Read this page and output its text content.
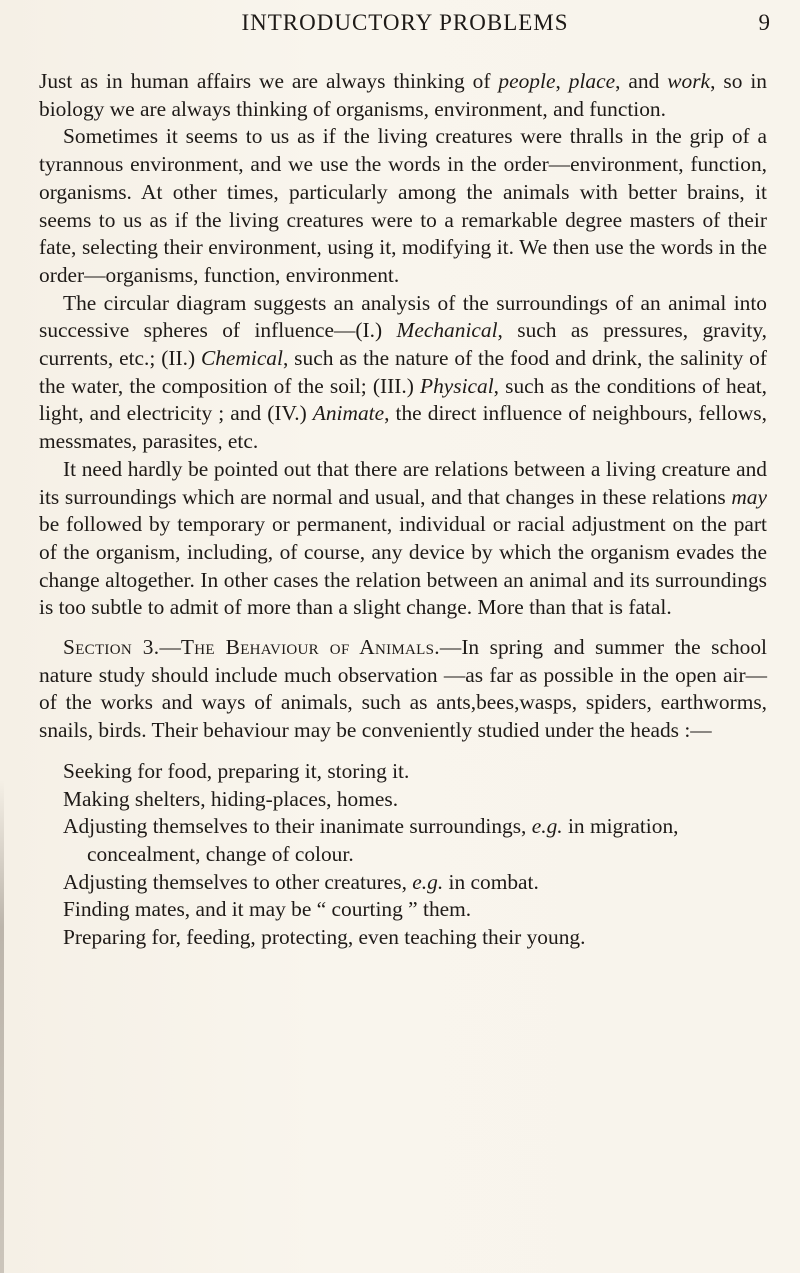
INTRODUCTORY PROBLEMS	9

Just as in human affairs we are always thinking of people, place, and work, so in biology we are always thinking of organisms, environment, and function.

Sometimes it seems to us as if the living creatures were thralls in the grip of a tyrannous environment, and we use the words in the order—environment, function, organisms. At other times, particularly among the animals with better brains, it seems to us as if the living creatures were to a remarkable degree masters of their fate, selecting their environment, using it, modifying it. We then use the words in the order—organisms, function, environment.

The circular diagram suggests an analysis of the surroundings of an animal into successive spheres of influence—(I.) Mechanical, such as pressures, gravity, currents, etc.; (II.) Chemical, such as the nature of the food and drink, the salinity of the water, the composition of the soil; (III.) Physical, such as the conditions of heat, light, and electricity ; and (IV.) Animate, the direct influence of neighbours, fellows, messmates, parasites, etc.

It need hardly be pointed out that there are relations between a living creature and its surroundings which are normal and usual, and that changes in these relations may be followed by temporary or permanent, individual or racial adjustment on the part of the organism, including, of course, any device by which the organism evades the change altogether. In other cases the relation between an animal and its surroundings is too subtle to admit of more than a slight change. More than that is fatal.

Section 3.—The Behaviour of Animals.—In spring and summer the school nature study should include much observation —as far as possible in the open air—of the works and ways of animals, such as ants,bees,wasps, spiders, earthworms, snails, birds. Their behaviour may be conveniently studied under the heads :—

Seeking for food, preparing it, storing it.
Making shelters, hiding-places, homes.
Adjusting themselves to their inanimate surroundings, e.g. in migration, concealment, change of colour.
Adjusting themselves to other creatures, e.g. in combat.
Finding mates, and it may be “ courting ” them.
Preparing for, feeding, protecting, even teaching their young.
